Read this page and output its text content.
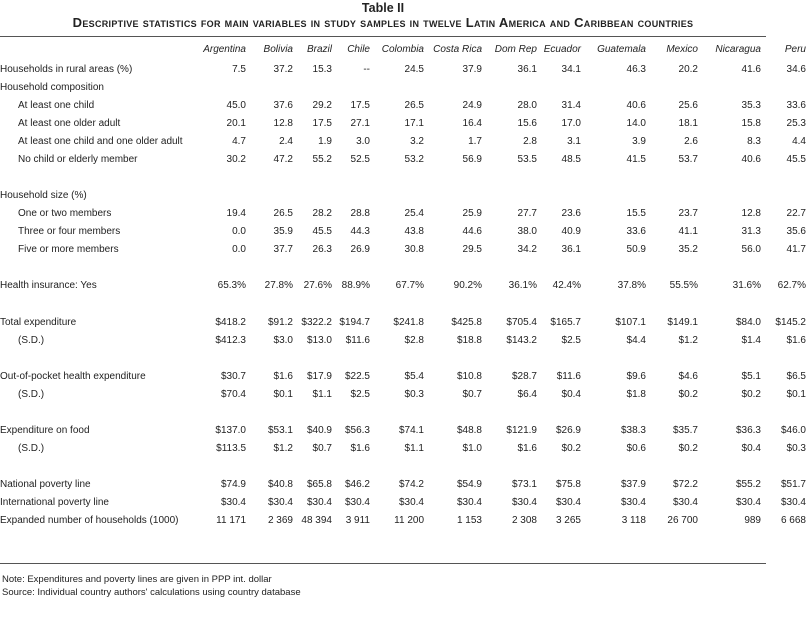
Table II
Descriptive statistics for main variables in study samples in twelve Latin America and Caribbean countries
	Argentina	Bolivia	Brazil	Chile	Colombia	Costa Rica	Dom Rep	Ecuador	Guatemala	Mexico	Nicaragua	Peru
Households in rural areas (%)	7.5	37.2	15.3	--	24.5	37.9	36.1	34.1	46.3	20.2	41.6	34.6
Household composition												
At least one child	45.0	37.6	29.2	17.5	26.5	24.9	28.0	31.4	40.6	25.6	35.3	33.6
At least one older adult	20.1	12.8	17.5	27.1	17.1	16.4	15.6	17.0	14.0	18.1	15.8	25.3
At least one child and one older adult	4.7	2.4	1.9	3.0	3.2	1.7	2.8	3.1	3.9	2.6	8.3	4.4
No child or elderly member	30.2	47.2	55.2	52.5	53.2	56.9	53.5	48.5	41.5	53.7	40.6	45.5

Household size (%)												
One or two members	19.4	26.5	28.2	28.8	25.4	25.9	27.7	23.6	15.5	23.7	12.8	22.7
Three or four members	0.0	35.9	45.5	44.3	43.8	44.6	38.0	40.9	33.6	41.1	31.3	35.6
Five or more members	0.0	37.7	26.3	26.9	30.8	29.5	34.2	36.1	50.9	35.2	56.0	41.7

Health insurance: Yes	65.3%	27.8%	27.6%	88.9%	67.7%	90.2%	36.1%	42.4%	37.8%	55.5%	31.6%	62.7%

Total expenditure	$418.2	$91.2	$322.2	$194.7	$241.8	$425.8	$705.4	$165.7	$107.1	$149.1	$84.0	$145.2
(S.D.)	$412.3	$3.0	$13.0	$11.6	$2.8	$18.8	$143.2	$2.5	$4.4	$1.2	$1.4	$1.6

Out-of-pocket health expenditure	$30.7	$1.6	$17.9	$22.5	$5.4	$10.8	$28.7	$11.6	$9.6	$4.6	$5.1	$6.5
(S.D.)	$70.4	$0.1	$1.1	$2.5	$0.3	$0.7	$6.4	$0.4	$1.8	$0.2	$0.2	$0.1

Expenditure on food	$137.0	$53.1	$40.9	$56.3	$74.1	$48.8	$121.9	$26.9	$38.3	$35.7	$36.3	$46.0
(S.D.)	$113.5	$1.2	$0.7	$1.6	$1.1	$1.0	$1.6	$0.2	$0.6	$0.2	$0.4	$0.3

National poverty line	$74.9	$40.8	$65.8	$46.2	$74.2	$54.9	$73.1	$75.8	$37.9	$72.2	$55.2	$51.7
International poverty line	$30.4	$30.4	$30.4	$30.4	$30.4	$30.4	$30.4	$30.4	$30.4	$30.4	$30.4	$30.4
Expanded number of households (1000)	11 171	2 369	48 394	3 911	11 200	1 153	2 308	3 265	3 118	26 700	989	6 668
Note: Expenditures and poverty lines are given in PPP int. dollar
Source: Individual country authors' calculations using country database
